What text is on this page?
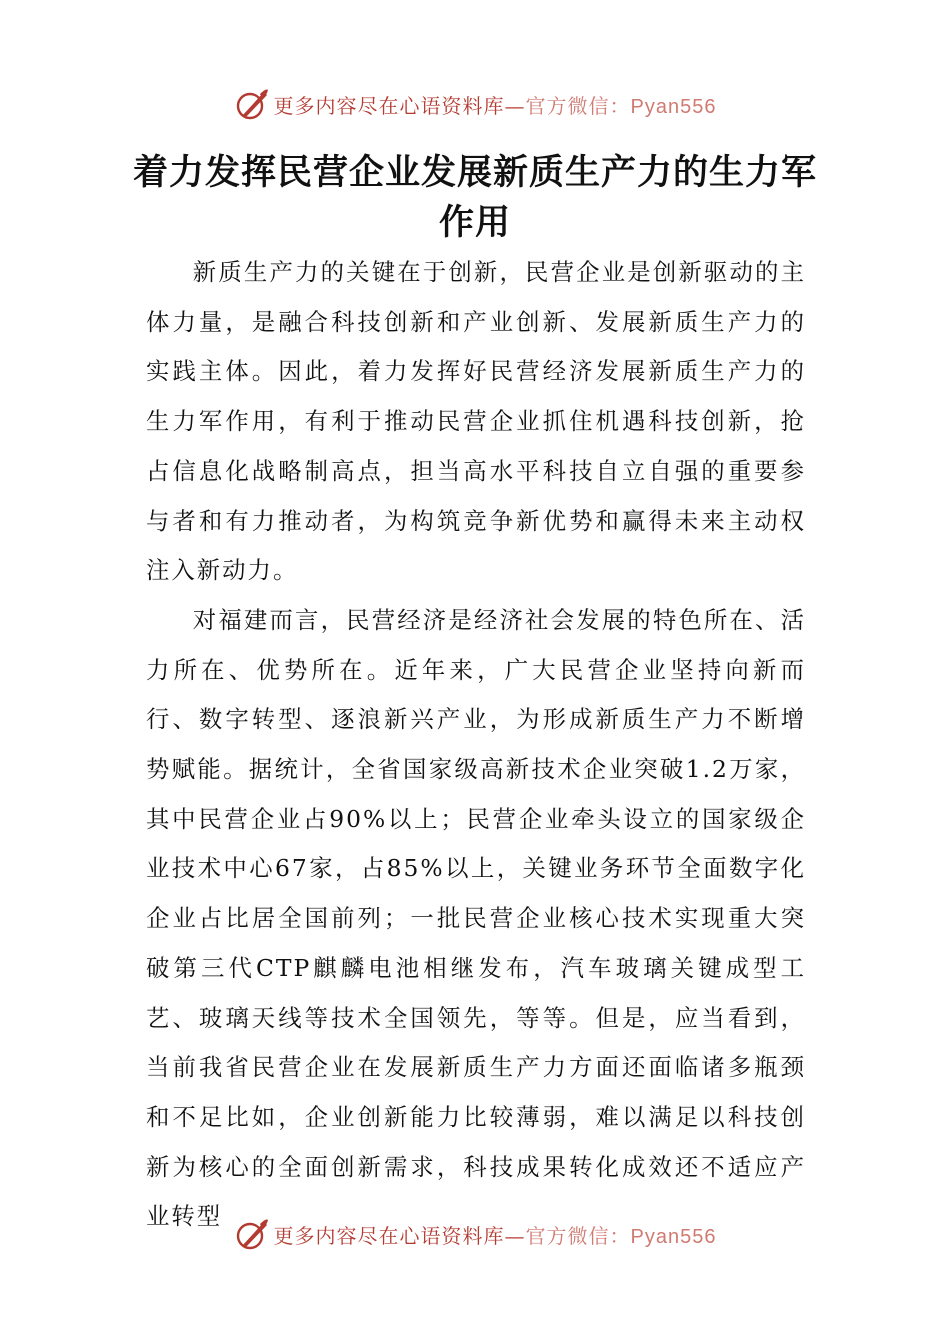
更多内容尽在心语资料库—官方微信：Pyan556
着力发挥民营企业发展新质生产力的生力军作用

新质生产力的关键在于创新，民营企业是创新驱动的主体力量，是融合科技创新和产业创新、发展新质生产力的实践主体。因此，着力发挥好民营经济发展新质生产力的生力军作用，有利于推动民营企业抓住机遇科技创新，抢占信息化战略制高点，担当高水平科技自立自强的重要参与者和有力推动者，为构筑竞争新优势和赢得未来主动权注入新动力。

对福建而言，民营经济是经济社会发展的特色所在、活力所在、优势所在。近年来，广大民营企业坚持向新而行、数字转型、逐浪新兴产业，为形成新质生产力不断增势赋能。据统计，全省国家级高新技术企业突破1.2万家，其中民营企业占90%以上；民营企业牵头设立的国家级企业技术中心67家，占85%以上，关键业务环节全面数字化企业占比居全国前列；一批民营企业核心技术实现重大突破第三代CTP麒麟电池相继发布，汽车玻璃关键成型工艺、玻璃天线等技术全国领先，等等。但是，应当看到，当前我省民营企业在发展新质生产力方面还面临诸多瓶颈和不足比如，企业创新能力比较薄弱，难以满足以科技创新为核心的全面创新需求，科技成果转化成效还不适应产业转型

更多内容尽在心语资料库—官方微信：Pyan556
